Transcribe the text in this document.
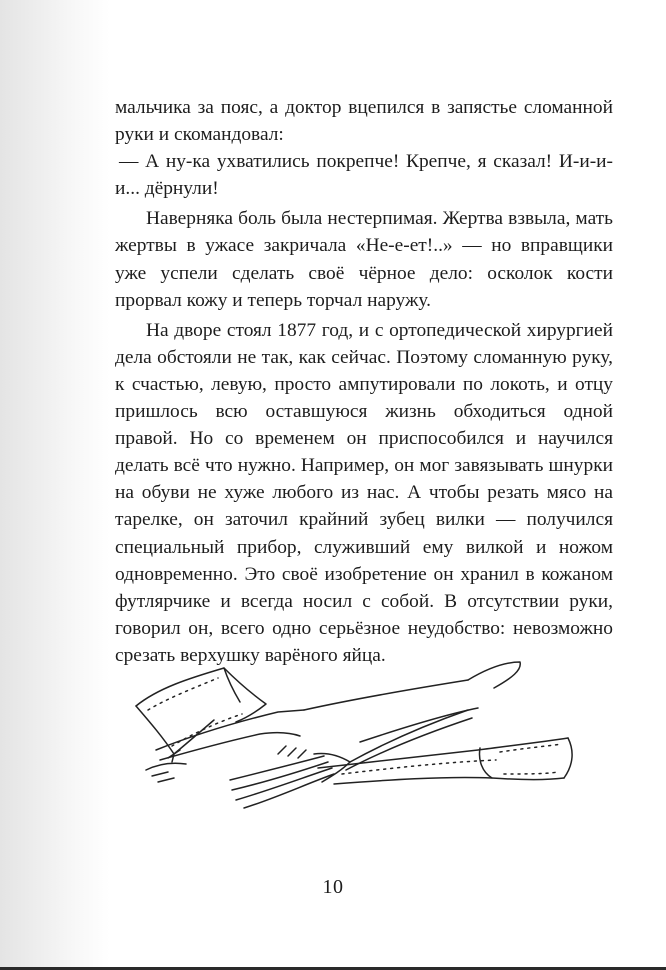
мальчика за пояс, а доктор вцепился в запястье сломанной руки и скомандовал:

— А ну-ка ухватились покрепче! Крепче, я сказал! И-и-и-и... дёрнули!

Наверняка боль была нестерпимая. Жертва взвыла, мать жертвы в ужасе закричала «Не-е-ет!..» — но вправщики уже успели сделать своё чёрное дело: осколок кости прорвал кожу и теперь торчал наружу.

На дворе стоял 1877 год, и с ортопедической хирургией дела обстояли не так, как сейчас. Поэтому сломанную руку, к счастью, левую, просто ампутировали по локоть, и отцу пришлось всю оставшуюся жизнь обходиться одной правой. Но со временем он приспособился и научился делать всё что нужно. Например, он мог завязывать шнурки на обуви не хуже любого из нас. А чтобы резать мясо на тарелке, он заточил крайний зубец вилки — получился специальный прибор, служивший ему вилкой и ножом одновременно. Это своё изобретение он хранил в кожаном футлярчике и всегда носил с собой. В отсутствии руки, говорил он, всего одно серьёзное неудобство: невозможно срезать верхушку варёного яйца.

10
